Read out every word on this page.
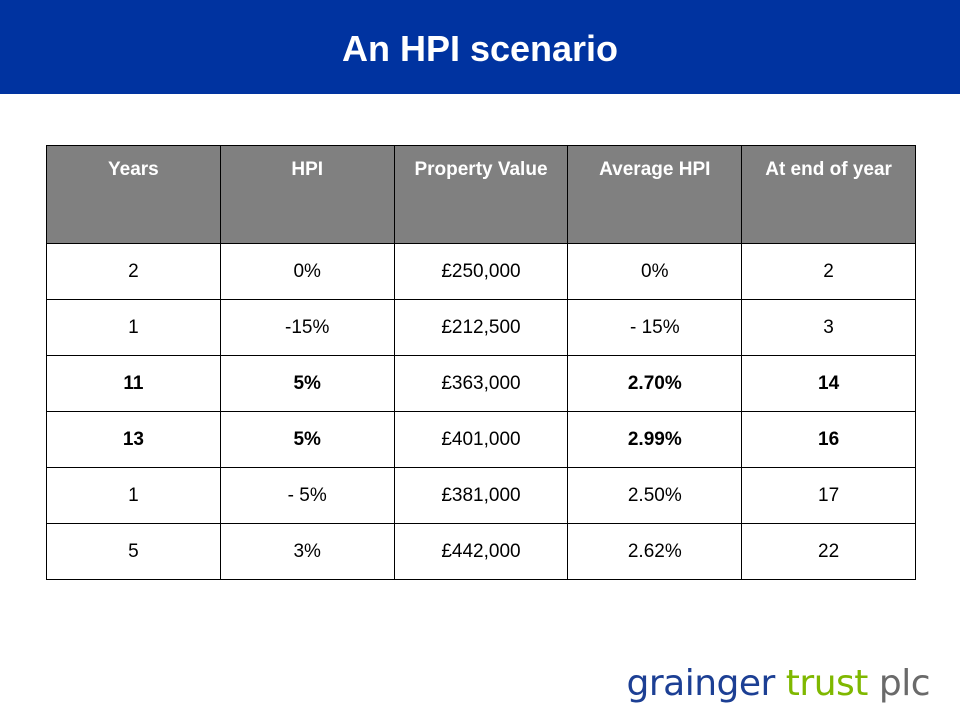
An HPI scenario
Years	HPI	Property Value	Average HPI	At end of year
2	0%	£250,000	0%	2
1	-15%	£212,500	- 15%	3
11	5%	£363,000	2.70%	14
13	5%	£401,000	2.99%	16
1	- 5%	£381,000	2.50%	17
5	3%	£442,000	2.62%	22
grainger trust plc
